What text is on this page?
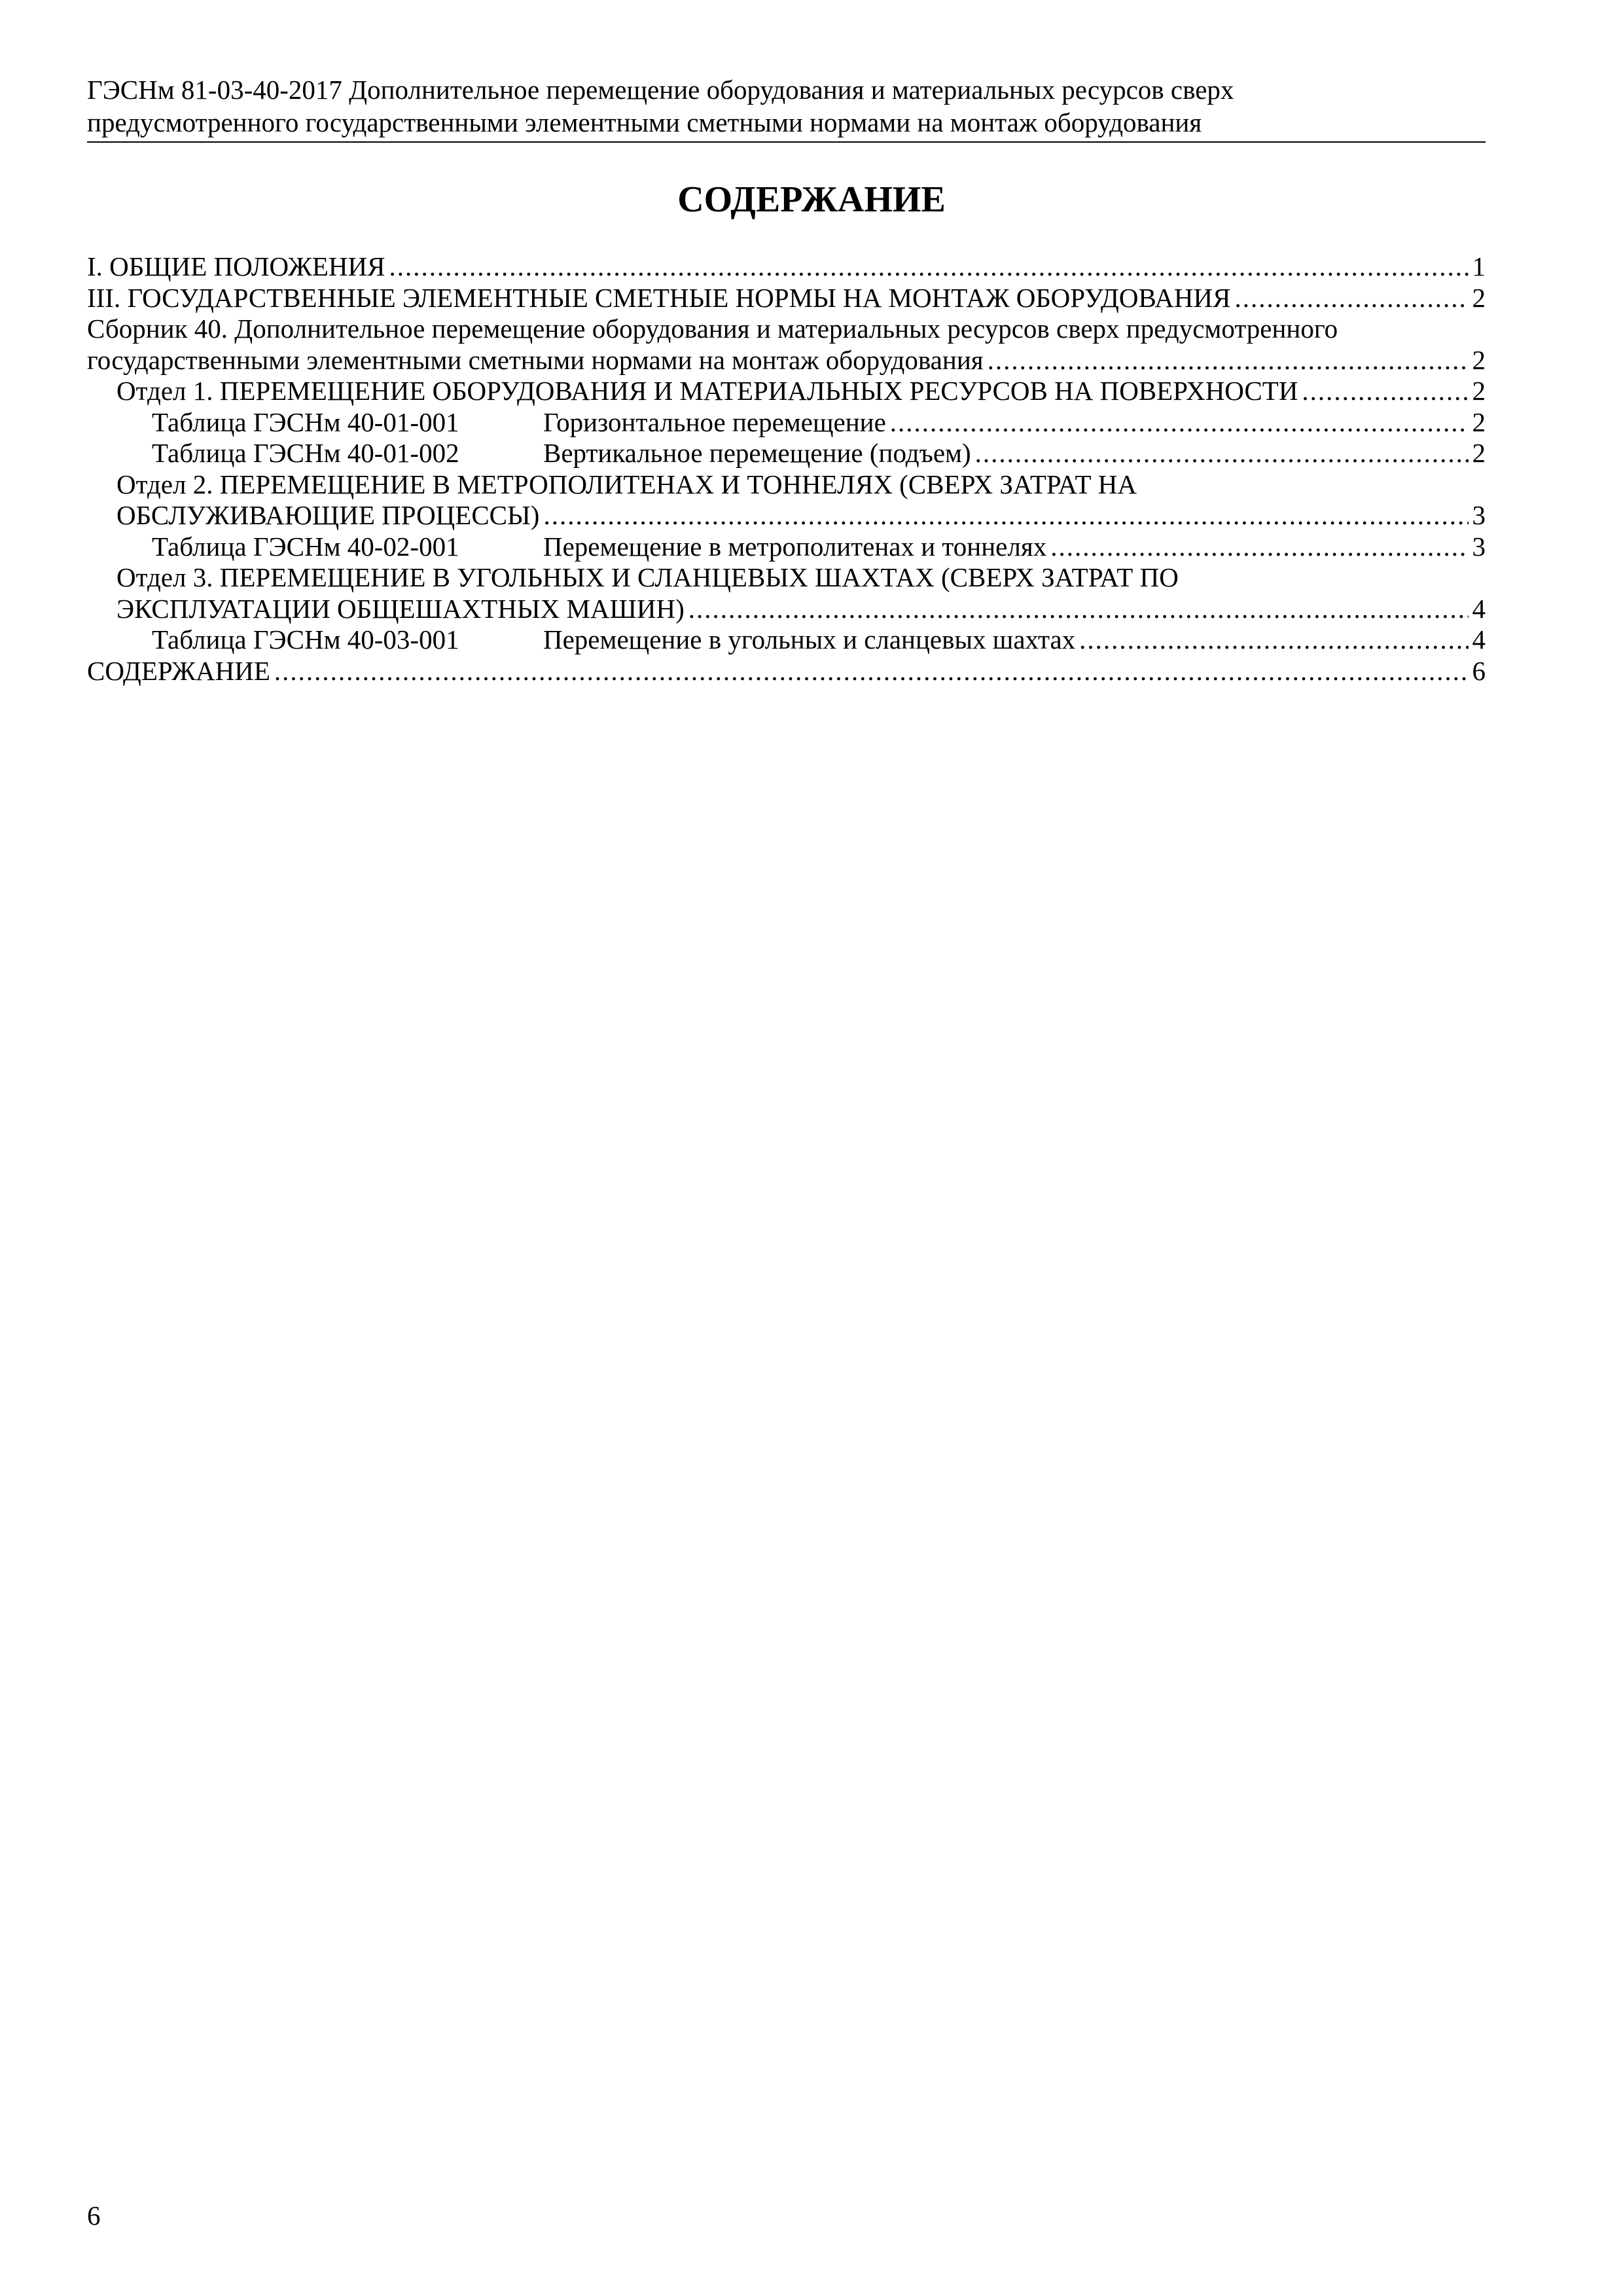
ГЭСНм 81-03-40-2017 Дополнительное перемещение оборудования и материальных ресурсов сверх
предусмотренного государственными элементными сметными нормами на монтаж оборудования
СОДЕРЖАНИЕ
I. ОБЩИЕ ПОЛОЖЕНИЯ .....	1
III. ГОСУДАРСТВЕННЫЕ ЭЛЕМЕНТНЫЕ СМЕТНЫЕ НОРМЫ НА МОНТАЖ ОБОРУДОВАНИЯ .....	2
Сборник 40. Дополнительное перемещение оборудования и материальных ресурсов сверх предусмотренного
государственными элементными сметными нормами на монтаж оборудования .....	2
Отдел 1. ПЕРЕМЕЩЕНИЕ ОБОРУДОВАНИЯ И МАТЕРИАЛЬНЫХ РЕСУРСОВ НА ПОВЕРХНОСТИ .....	2
Таблица ГЭСНм 40-01-001	Горизонтальное перемещение .....	2
Таблица ГЭСНм 40-01-002	Вертикальное перемещение (подъем) .....	2
Отдел 2. ПЕРЕМЕЩЕНИЕ В МЕТРОПОЛИТЕНАХ И ТОННЕЛЯХ (СВЕРХ ЗАТРАТ НА
ОБСЛУЖИВАЮЩИЕ ПРОЦЕССЫ) .....	3
Таблица ГЭСНм 40-02-001	Перемещение в метрополитенах и тоннелях .....	3
Отдел 3. ПЕРЕМЕЩЕНИЕ В УГОЛЬНЫХ И СЛАНЦЕВЫХ ШАХТАХ (СВЕРХ ЗАТРАТ ПО
ЭКСПЛУАТАЦИИ ОБЩЕШАХТНЫХ МАШИН) .....	4
Таблица ГЭСНм 40-03-001	Перемещение в угольных и сланцевых шахтах .....	4
СОДЕРЖАНИЕ .....	6
6
